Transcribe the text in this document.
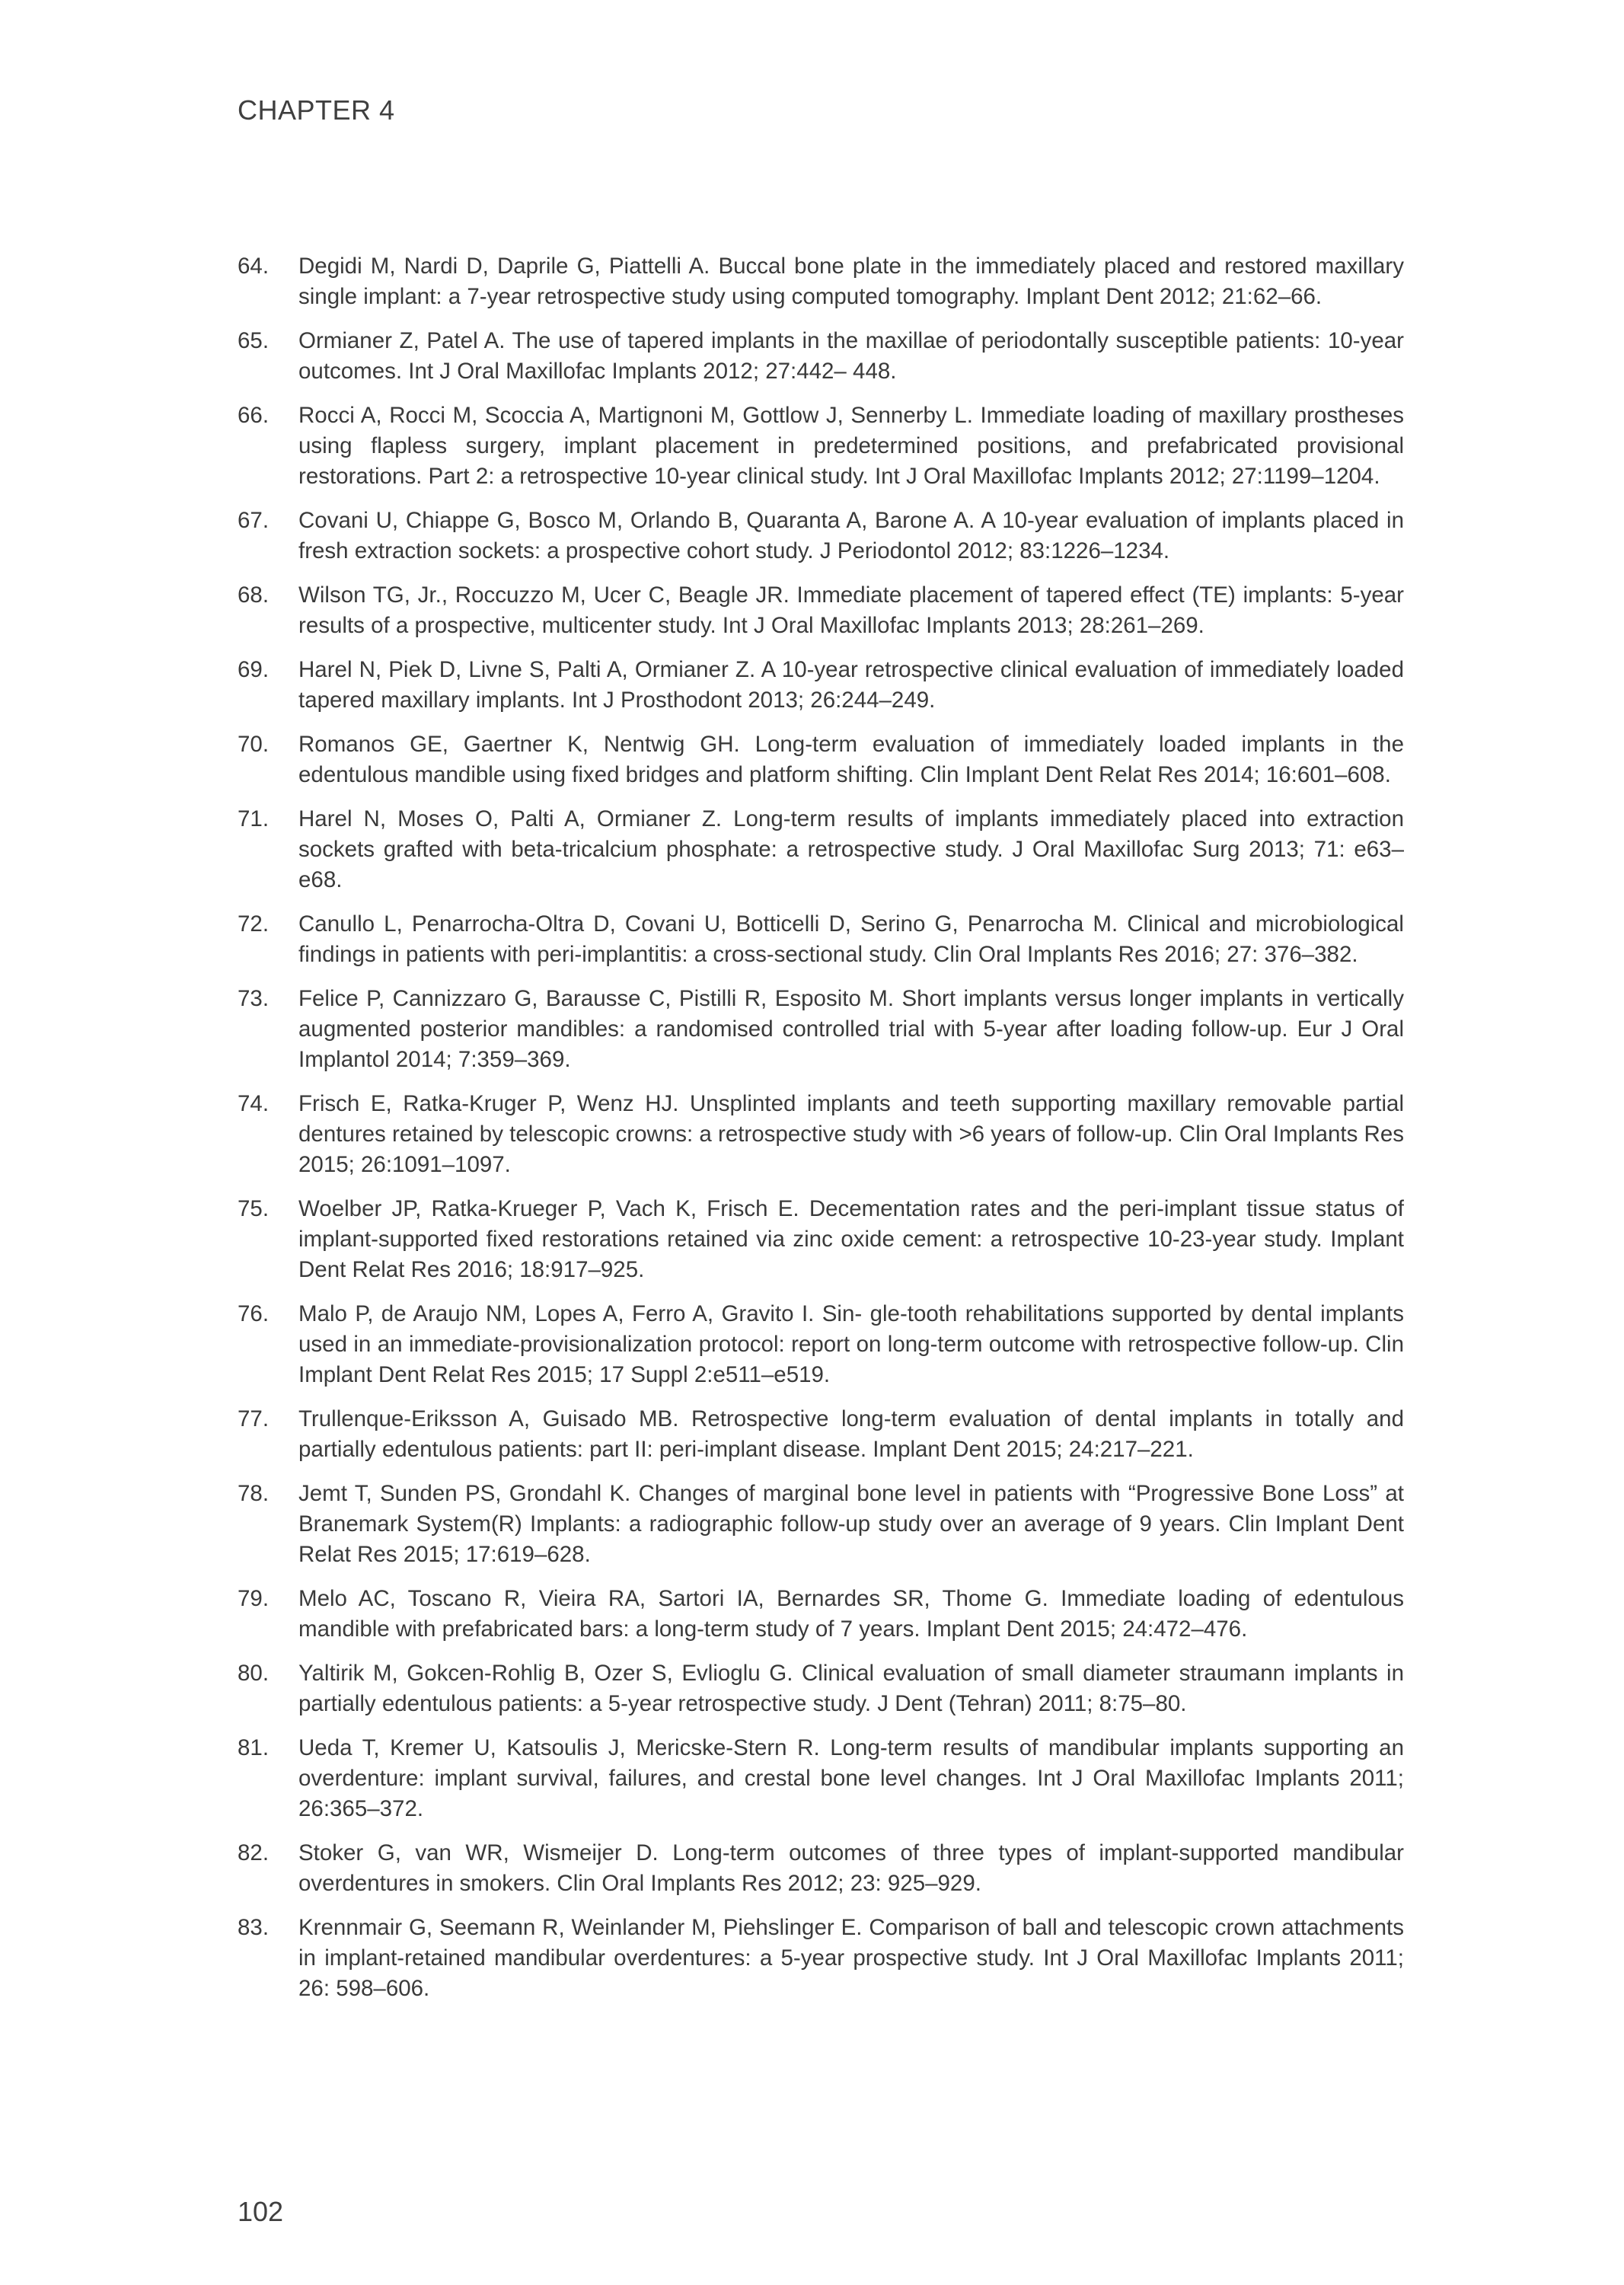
CHAPTER 4
64.	Degidi M, Nardi D, Daprile G, Piattelli A. Buccal bone plate in the immediately placed and restored maxillary single implant: a 7-year retrospective study using computed tomography. Implant Dent 2012; 21:62–66.
65.	Ormianer Z, Patel A. The use of tapered implants in the maxillae of periodontally susceptible patients: 10-year outcomes. Int J Oral Maxillofac Implants 2012; 27:442– 448.
66.	Rocci A, Rocci M, Scoccia A, Martignoni M, Gottlow J, Sennerby L. Immediate loading of maxillary prostheses using flapless surgery, implant placement in predetermined positions, and prefabricated provisional restorations. Part 2: a retrospective 10-year clinical study. Int J Oral Maxillofac Implants 2012; 27:1199–1204.
67.	Covani U, Chiappe G, Bosco M, Orlando B, Quaranta A, Barone A. A 10-year evaluation of implants placed in fresh extraction sockets: a prospective cohort study. J Periodontol 2012; 83:1226–1234.
68.	Wilson TG, Jr., Roccuzzo M, Ucer C, Beagle JR. Immediate placement of tapered effect (TE) implants: 5-year results of a prospective, multicenter study. Int J Oral Maxillofac Implants 2013; 28:261–269.
69.	Harel N, Piek D, Livne S, Palti A, Ormianer Z. A 10-year retrospective clinical evaluation of immediately loaded tapered maxillary implants. Int J Prosthodont 2013; 26:244–249.
70.	Romanos GE, Gaertner K, Nentwig GH. Long-term evaluation of immediately loaded implants in the edentulous mandible using fixed bridges and platform shifting. Clin Implant Dent Relat Res 2014; 16:601–608.
71.	Harel N, Moses O, Palti A, Ormianer Z. Long-term results of implants immediately placed into extraction sockets grafted with beta-tricalcium phosphate: a retrospective study. J Oral Maxillofac Surg 2013; 71: e63–e68.
72.	Canullo L, Penarrocha-Oltra D, Covani U, Botticelli D, Serino G, Penarrocha M. Clinical and microbiological findings in patients with peri-implantitis: a cross-sectional study. Clin Oral Implants Res 2016; 27: 376–382.
73.	Felice P, Cannizzaro G, Barausse C, Pistilli R, Esposito M. Short implants versus longer implants in vertically augmented posterior mandibles: a randomised controlled trial with 5-year after loading follow-up. Eur J Oral Implantol 2014; 7:359–369.
74.	Frisch E, Ratka-Kruger P, Wenz HJ. Unsplinted implants and teeth supporting maxillary removable partial dentures retained by telescopic crowns: a retrospective study with >6 years of follow-up. Clin Oral Implants Res 2015; 26:1091–1097.
75.	Woelber JP, Ratka-Krueger P, Vach K, Frisch E. Decementation rates and the peri-implant tissue status of implant-supported fixed restorations retained via zinc oxide cement: a retrospective 10-23-year study. Implant Dent Relat Res 2016; 18:917–925.
76.	Malo P, de Araujo NM, Lopes A, Ferro A, Gravito I. Sin- gle-tooth rehabilitations supported by dental implants used in an immediate-provisionalization protocol: report on long-term outcome with retrospective follow-up. Clin Implant Dent Relat Res 2015; 17 Suppl 2:e511–e519.
77.	Trullenque-Eriksson A, Guisado MB. Retrospective long-term evaluation of dental implants in totally and partially edentulous patients: part II: peri-implant disease. Implant Dent 2015; 24:217–221.
78.	Jemt T, Sunden PS, Grondahl K. Changes of marginal bone level in patients with “Progressive Bone Loss” at Branemark System(R) Implants: a radiographic follow-up study over an average of 9 years. Clin Implant Dent Relat Res 2015; 17:619–628.
79.	Melo AC, Toscano R, Vieira RA, Sartori IA, Bernardes SR, Thome G. Immediate loading of edentulous mandible with prefabricated bars: a long-term study of 7 years. Implant Dent 2015; 24:472–476.
80.	Yaltirik M, Gokcen-Rohlig B, Ozer S, Evlioglu G. Clinical evaluation of small diameter straumann implants in partially edentulous patients: a 5-year retrospective study. J Dent (Tehran) 2011; 8:75–80.
81.	Ueda T, Kremer U, Katsoulis J, Mericske-Stern R. Long-term results of mandibular implants supporting an overdenture: implant survival, failures, and crestal bone level changes. Int J Oral Maxillofac Implants 2011; 26:365–372.
82.	Stoker G, van WR, Wismeijer D. Long-term outcomes of three types of implant-supported mandibular overdentures in smokers. Clin Oral Implants Res 2012; 23: 925–929.
83.	Krennmair G, Seemann R, Weinlander M, Piehslinger E. Comparison of ball and telescopic crown attachments in implant-retained mandibular overdentures: a 5-year prospective study. Int J Oral Maxillofac Implants 2011; 26: 598–606.
102
